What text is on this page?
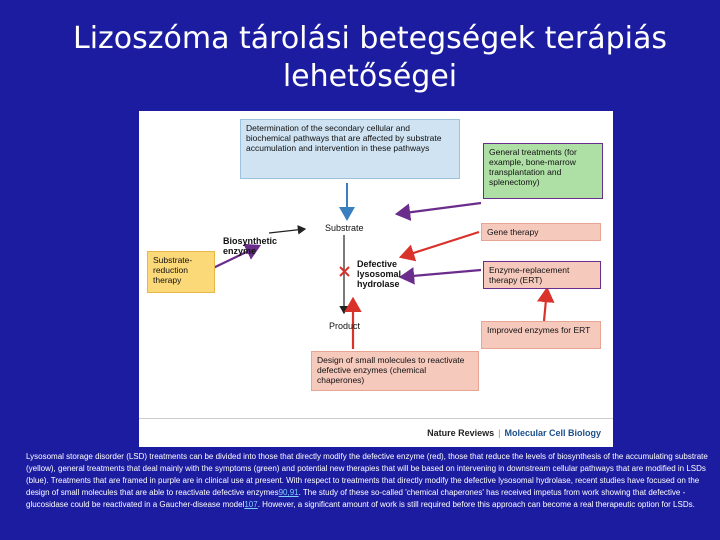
Lizoszóma tárolási betegségek terápiás
lehetőségei
Determination of the secondary cellular and biochemical pathways that are affected by substrate accumulation and intervention in these pathways	General treatments (for example, bone-marrow transplantation and splenectomy)
Gene therapy
Enzyme-replacement therapy (ERT)
Improved enzymes for ERT
Substrate-reduction therapy
Design of small molecules to reactivate defective enzymes (chemical chaperones)
Substrate
Biosynthetic enzyme
Defective lysosomal hydrolase
Product
Nature Reviews | Molecular Cell Biology
Lysosomal storage disorder (LSD) treatments can be divided into those that directly modify the defective enzyme (red), those that reduce the levels of biosynthesis of the accumulating substrate (yellow), general treatments that deal mainly with the symptoms (green) and potential new therapies that will be based on intervening in downstream cellular pathways that are modified in LSDs (blue). Treatments that are framed in purple are in clinical use at present. With respect to treatments that directly modify the defective lysosomal hydrolase, recent studies have focused on the design of small molecules that are able to reactivate defective enzymes90,91. The study of these so-called 'chemical chaperones' has received impetus from work showing that defective -glucosidase could be reactivated in a Gaucher-disease model107. However, a significant amount of work is still required before this approach can become a real therapeutic option for LSDs.
